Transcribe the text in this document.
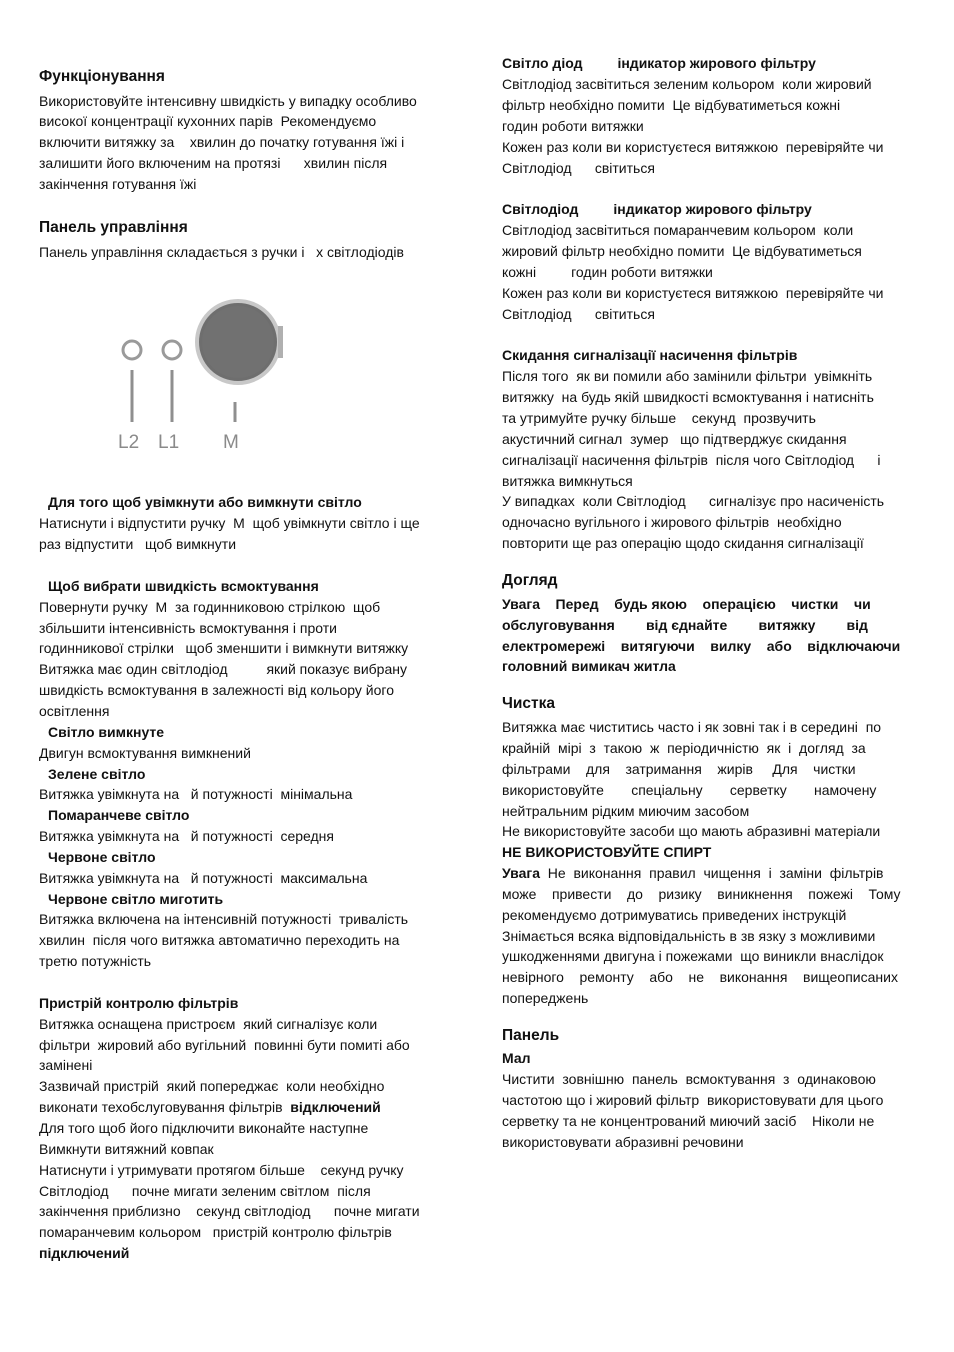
Функціонування
Використовуйте інтенсивну швидкість у випадку особливо
високої концентрації кухонних парів  Рекомендуємо
включити витяжку за    хвилин до початку готування їжі і
залишити його включеним на протязі      хвилин після
закінчення готування їжі
Панель управління
Панель управління складається з ручки і   х світлодіодів
L2 L1 M
Для того щоб увімкнути або вимкнути світло
Натиснути і відпустити ручку  М  щоб увімкнути світло і ще
раз відпустити   щоб вимкнути
Щоб вибрати швидкість всмоктування
Повернути ручку  М  за годинниковою стрілкою  щоб
збільшити інтенсивність всмоктування і проти
годинникової стрілки   щоб зменшити і вимкнути витяжку
Витяжка має один світлодіод          який показує вибрану
швидкість всмоктування в залежності від кольору його
освітлення
Світло вимкнуте
Двигун всмоктування вимкнений
Зелене світло
Витяжка увімкнута на   й потужності  мінімальна
Помаранчеве світло
Витяжка увімкнута на   й потужності  середня
Червоне світло
Витяжка увімкнута на   й потужності  максимальна
Червоне світло миготить
Витяжка включена на інтенсивній потужності  тривалість
хвилин  після чого витяжка автоматично переходить на
третю потужність
Пристрій контролю фільтрів
Витяжка оснащена пристроєм  який сигналізує коли
фільтри  жировий або вугільний  повинні бути помиті або
замінені
Зазвичай пристрій  який попереджає  коли необхідно
виконати техобслуговування фільтрів  відключений
Для того щоб його підключити виконайте наступне
Вимкнути витяжний ковпак
Натиснути і утримувати протягом більше    секунд ручку
Світлодіод      почне мигати зеленим світлом  після
закінчення приблизно    секунд світлодіод      почне мигати
помаранчевим кольором   пристрій контролю фільтрів
підключений
Світло діод         індикатор жирового фільтру
Світлодіод засвітиться зеленим кольором  коли жировий
фільтр необхідно помити  Це відбуватиметься кожні
годин роботи витяжки
Кожен раз коли ви користуєтеся витяжкою  перевіряйте чи
Світлодіод      світиться
Світлодіод         індикатор жирового фільтру
Світлодіод засвітиться помаранчевим кольором  коли
жировий фільтр необхідно помити  Це відбуватиметься
кожні         годин роботи витяжки
Кожен раз коли ви користуєтеся витяжкою  перевіряйте чи
Світлодіод      світиться
Скидання сигналізації насичення фільтрів
Після того  як ви помили або замінили фільтри  увімкніть
витяжку  на будь якій швидкості всмоктування і натисніть
та утримуйте ручку більше    секунд  прозвучить
акустичний сигнал  зумер   що підтверджує скидання
сигналізації насичення фільтрів  після чого Світлодіод      і
витяжка вимкнуться
У випадках  коли Світлодіод      сигналізує про насиченість
одночасно вугільного і жирового фільтрів  необхідно
повторити ще раз операцію щодо скидання сигналізації
Догляд
Увага    Перед    будь якою    операцією    чистки    чи
обслуговування        від єднайте        витяжку        від
електромережі    витягуючи    вилку    або    відключаючи
головний вимикач житла
Чистка
Витяжка має чиститись часто і як зовні так і в середині  по
крайній  мірі  з  такою  ж  періодичністю  як  і  догляд  за
фільтрами    для    затримання    жирів     Для    чистки
використовуйте       спеціальну       серветку       намочену
нейтральним рідким миючим засобом
Не використовуйте засоби що мають абразивні матеріали
НЕ ВИКОРИСТОВУЙТЕ СПИРТ
Увага  Не  виконання  правил  чищення  і  заміни  фільтрів
може    привести    до    ризику    виникнення    пожежі    Тому
рекомендуємо дотримуватись приведених інструкцій
Знімається всяка відповідальність в зв язку з можливими
ушкодженнями двигуна і пожежами  що виникли внаслідок
невірного    ремонту    або    не    виконання    вищеописаних
попереджень
Панель
Мал
Чистити  зовнішню  панель  всмоктування  з  одинаковою
частотою що і жировий фільтр  використовувати для цього
серветку та не концентрований миючий засіб    Ніколи не
використовувати абразивні речовини
